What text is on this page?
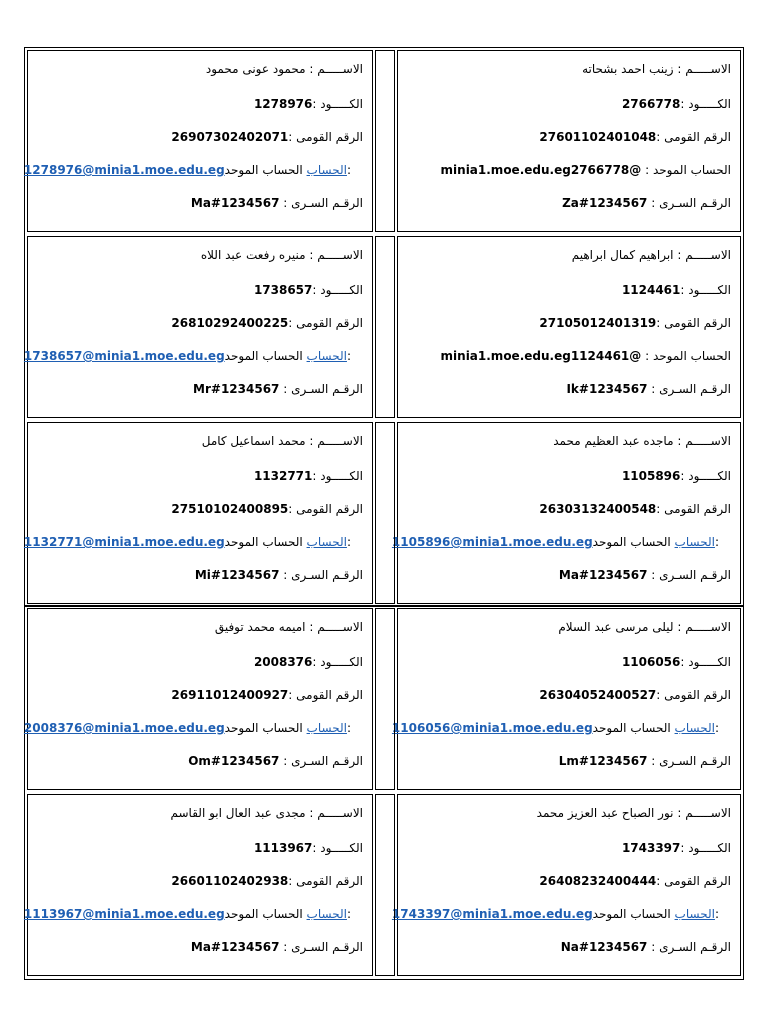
الاســـــم : زينب احمد بشحاته
الكـــــود :2766778
الرقم القومى :27601102401048
الحساب الموحد : minia1.moe.edu.eg2766778@
الرقـم السـرى : Za#1234567
الاســـــم : محمود عونى محمود
الكـــــود :1278976
الرقم القومى :26907302402071
:الحساب الحساب الموحد1278976@minia1.moe.edu.eg
الرقـم السـرى : Ma#1234567
الاســـــم : ابراهيم كمال ابراهيم
الكـــــود :1124461
الرقم القومى :27105012401319
الحساب الموحد : minia1.moe.edu.eg1124461@
الرقـم السـرى : Ik#1234567
الاســـــم : منيره رفعت عبد اللاه
الكـــــود :1738657
الرقم القومى :26810292400225
:الحساب الحساب الموحد1738657@minia1.moe.edu.eg
الرقـم السـرى : Mr#1234567
الاســـــم : ماجده عبد العظيم محمد
الكـــــود :1105896
الرقم القومى :26303132400548
:الحساب الحساب الموحد1105896@minia1.moe.edu.eg
الرقـم السـرى : Ma#1234567
الاســـــم : محمد اسماعيل كامل
الكـــــود :1132771
الرقم القومى :27510102400895
:الحساب الحساب الموحد1132771@minia1.moe.edu.eg
الرقـم السـرى : Mi#1234567
الاســـــم : ليلى مرسى عبد السلام
الكـــــود :1106056
الرقم القومى :26304052400527
:الحساب الحساب الموحد1106056@minia1.moe.edu.eg
الرقـم السـرى : Lm#1234567
الاســـــم : اميمه محمد توفيق
الكـــــود :2008376
الرقم القومى :26911012400927
:الحساب الحساب الموحد2008376@minia1.moe.edu.eg
الرقـم السـرى : Om#1234567
الاســـــم : نور الصباح عبد العزيز محمد
الكـــــود :1743397
الرقم القومى :26408232400444
:الحساب الحساب الموحد1743397@minia1.moe.edu.eg
الرقـم السـرى : Na#1234567
الاســـــم : مجدى عبد العال ابو القاسم
الكـــــود :1113967
الرقم القومى :26601102402938
:الحساب الحساب الموحد1113967@minia1.moe.edu.eg
الرقـم السـرى : Ma#1234567
